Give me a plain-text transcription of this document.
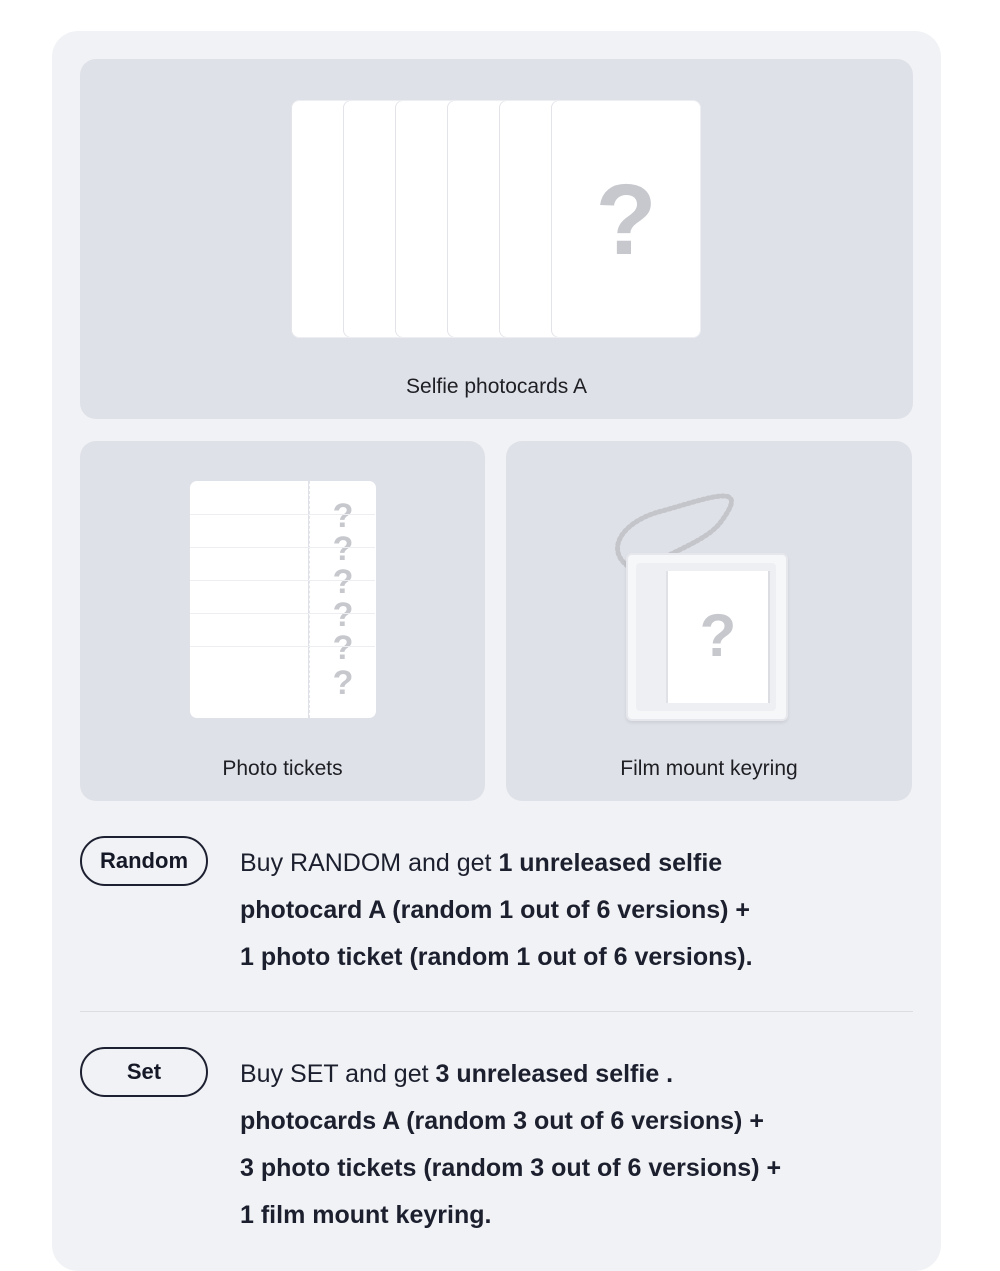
?
Selfie photocards A
?
?
?
?
?
?
Photo tickets
?
Film mount keyring
Random	Buy RANDOM and get 1 unreleased selfie
photocard A (random 1 out of 6 versions) +
1 photo ticket (random 1 out of 6 versions).
Set	Buy SET and get 3 unreleased selfie .
photocards A (random 3 out of 6 versions) +
3 photo tickets (random 3 out of 6 versions) +
1 film mount keyring.
